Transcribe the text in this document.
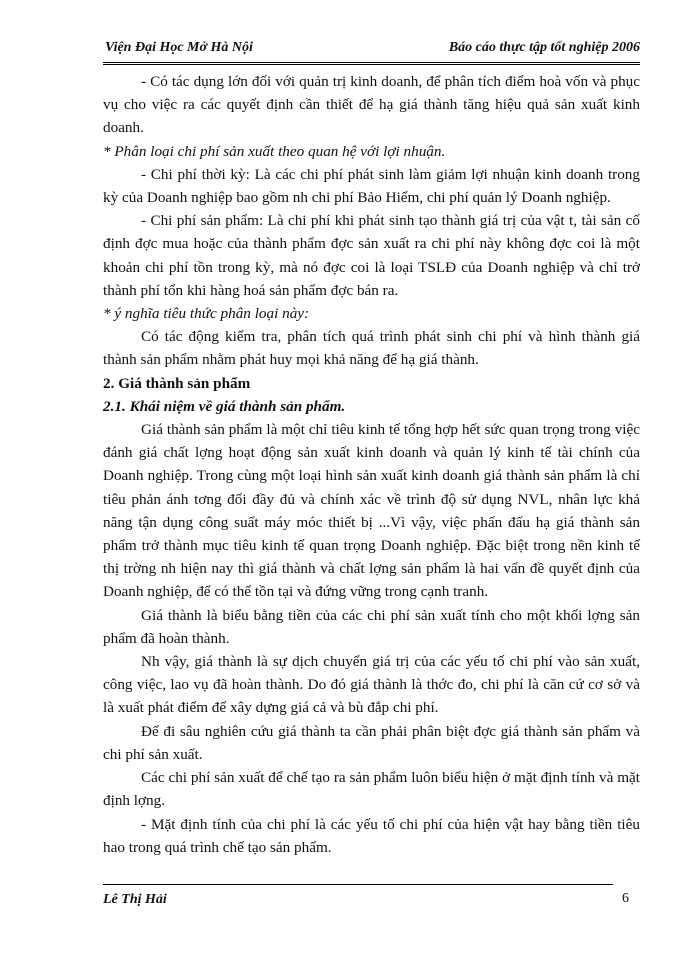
Viện Đại Học Mở Hà Nội	Báo cáo thực tập tốt nghiệp 2006

- Có tác dụng lớn đối với quản trị kinh doanh, để phân tích điểm hoà vốn và phục vụ cho việc ra các quyết định cần thiết để hạ giá thành tăng hiệu quả sản xuất kinh doanh.

* Phân loại chi phí sản xuất theo quan hệ với lợi nhuận.

- Chi phí thời kỳ: Là các chi phí phát sinh làm giảm lợi nhuận kinh doanh trong kỳ của Doanh nghiệp bao gồm nh chi phí Bảo Hiểm, chi phí quản lý Doanh nghiệp.

- Chi phí sản phẩm: Là chi phí khi phát sinh tạo thành giá trị của vật t, tài sản cố định đợc mua hoặc của thành phẩm đợc sản xuất ra chi phí này không đợc coi là một khoản chi phí tồn trong kỳ, mà nó đợc coi là loại TSLĐ của Doanh nghiệp và chỉ trở thành phí tổn khi hàng hoá sản phẩm đợc bán ra.

* ý nghĩa tiêu thức phân loại này:

Có tác động kiểm tra, phân tích quá trình phát sinh chi phí và hình thành giá thành sản phẩm nhằm phát huy mọi khả năng để hạ giá thành.

2. Giá thành sản phẩm

2.1. Khái niệm về giá thành sản phẩm.

Giá thành sản phẩm là một chỉ tiêu kinh tế tổng hợp hết sức quan trọng trong việc đánh giá chất lợng hoạt động sản xuất kinh doanh và quản lý kinh tế tài chính của Doanh nghiệp. Trong cùng một loại hình sản xuất kinh doanh giá thành sản phẩm là chỉ tiêu phản ánh tơng đối đầy đủ và chính xác về trình độ sử dụng NVL, nhân lực khả năng tận dụng công suất máy móc thiết bị ...Vì vậy, việc phấn đấu hạ giá thành sản phẩm trở thành mục tiêu kinh tế quan trọng Doanh nghiệp. Đặc biệt trong nền kinh tế thị trờng nh hiện nay thì giá thành và chất lợng sản phẩm là hai vấn đề quyết định của Doanh nghiệp, để có thể tồn tại và đứng vững trong cạnh tranh.

Giá thành là biểu bằng tiền của các chi phí sản xuất tính cho một khối lợng sản phẩm đã hoàn thành.

Nh vậy, giá thành là sự dịch chuyển giá trị của các yếu tố chi phí vào sản xuất, công việc, lao vụ đã hoàn thành. Do đó giá thành là thớc đo, chi phí là căn cứ cơ sở và là xuất phát điểm để xây dựng giá cả và bù đắp chi phí.

Để đi sâu nghiên cứu giá thành ta cần phải phân biệt đợc giá thành sản phẩm và chi phí sản xuất.

Các chi phí sản xuất để chế tạo ra sản phẩm luôn biểu hiện ở mặt định tính và mặt định lợng.

- Mặt định tính của chi phí là các yếu tố chi phí của hiện vật hay bằng tiền tiêu hao trong quá trình chế tạo sản phẩm.

Lê Thị Hải	6
